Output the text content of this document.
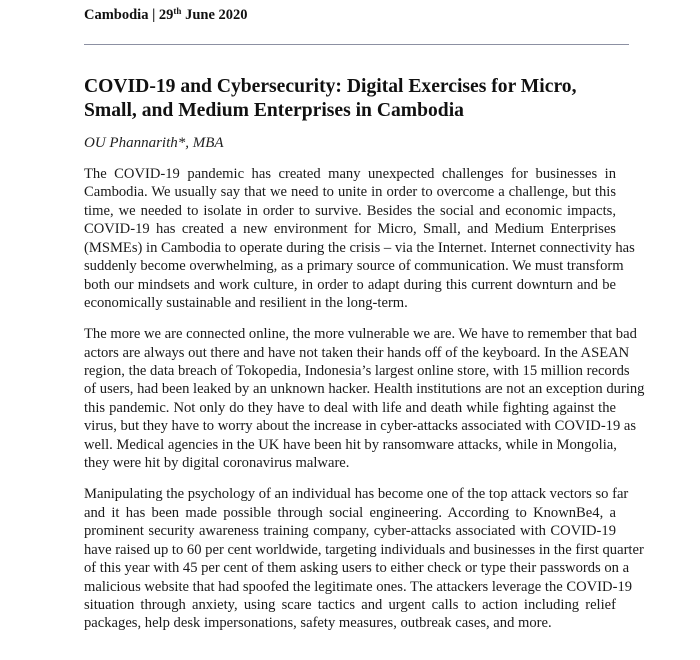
Cambodia | 29th June 2020
COVID-19 and Cybersecurity: Digital Exercises for Micro,
Small, and Medium Enterprises in Cambodia
OU Phannarith*, MBA

The COVID-19 pandemic has created many unexpected challenges for businesses in
Cambodia. We usually say that we need to unite in order to overcome a challenge, but this
time, we needed to isolate in order to survive. Besides the social and economic impacts,
COVID-19 has created a new environment for Micro, Small, and Medium Enterprises
(MSMEs) in Cambodia to operate during the crisis – via the Internet. Internet connectivity has
suddenly become overwhelming, as a primary source of communication. We must transform
both our mindsets and work culture, in order to adapt during this current downturn and be
economically sustainable and resilient in the long-term.

The more we are connected online, the more vulnerable we are. We have to remember that bad
actors are always out there and have not taken their hands off of the keyboard. In the ASEAN
region, the data breach of Tokopedia, Indonesia’s largest online store, with 15 million records
of users, had been leaked by an unknown hacker. Health institutions are not an exception during
this pandemic. Not only do they have to deal with life and death while fighting against the
virus, but they have to worry about the increase in cyber-attacks associated with COVID-19 as
well. Medical agencies in the UK have been hit by ransomware attacks, while in Mongolia,
they were hit by digital coronavirus malware.

Manipulating the psychology of an individual has become one of the top attack vectors so far
and it has been made possible through social engineering. According to KnownBe4, a
prominent security awareness training company, cyber-attacks associated with COVID-19
have raised up to 60 per cent worldwide, targeting individuals and businesses in the first quarter
of this year with 45 per cent of them asking users to either check or type their passwords on a
malicious website that had spoofed the legitimate ones. The attackers leverage the COVID-19
situation through anxiety, using scare tactics and urgent calls to action including relief
packages, help desk impersonations, safety measures, outbreak cases, and more.
